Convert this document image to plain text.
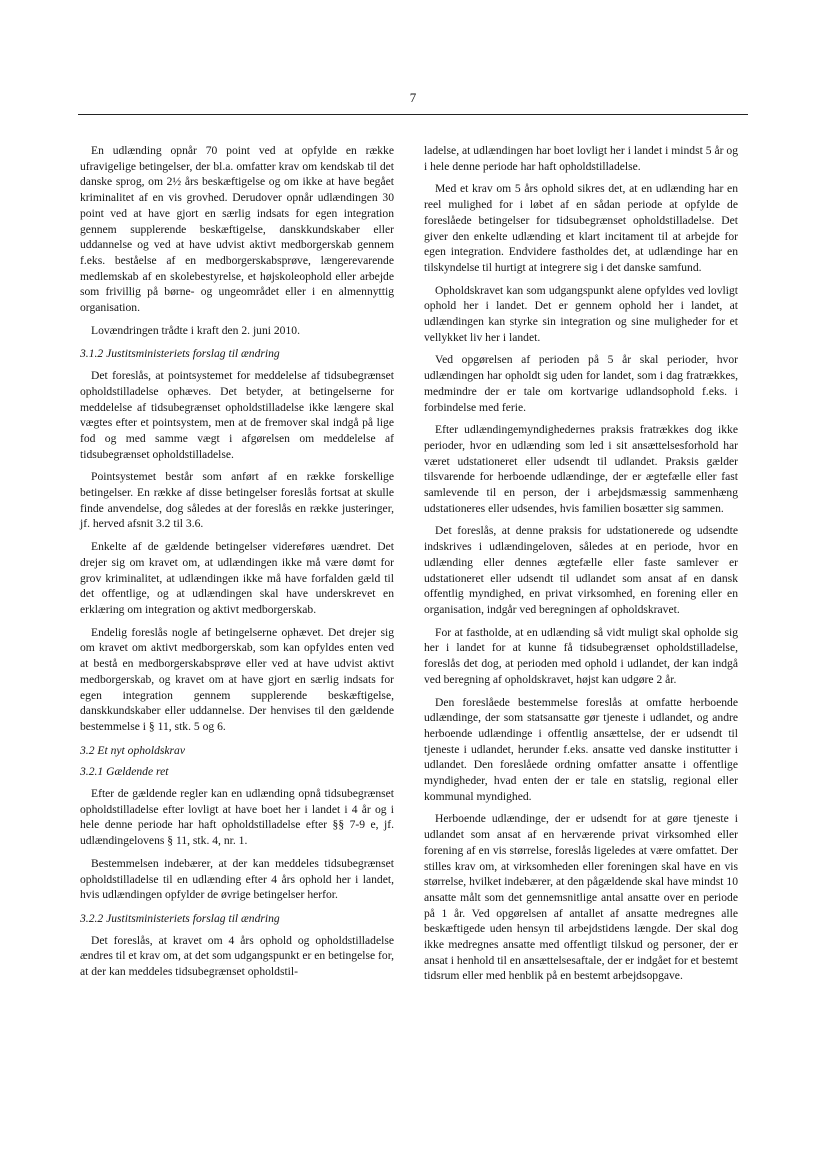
7

En udlænding opnår 70 point ved at opfylde en række ufravigelige betingelser, der bl.a. omfatter krav om kendskab til det danske sprog, om 2½ års beskæftigelse og om ikke at have begået kriminalitet af en vis grovhed. Derudover opnår udlændingen 30 point ved at have gjort en særlig indsats for egen integration gennem supplerende beskæftigelse, danskkundskaber eller uddannelse og ved at have udvist aktivt medborgerskab gennem f.eks. beståelse af en medborgerskabsprøve, længerevarende medlemskab af en skolebestyrelse, et højskoleophold eller arbejde som frivillig på børne- og ungeområdet eller i en almennyttig organisation.

Lovændringen trådte i kraft den 2. juni 2010.

3.1.2 Justitsministeriets forslag til ændring

Det foreslås, at pointsystemet for meddelelse af tidsubegrænset opholdstilladelse ophæves. Det betyder, at betingelserne for meddelelse af tidsubegrænset opholdstilladelse ikke længere skal vægtes efter et pointsystem, men at de fremover skal indgå på lige fod og med samme vægt i afgørelsen om meddelelse af tidsubegrænset opholdstilladelse.

Pointsystemet består som anført af en række forskellige betingelser. En række af disse betingelser foreslås fortsat at skulle finde anvendelse, dog således at der foreslås en række justeringer, jf. herved afsnit 3.2 til 3.6.

Enkelte af de gældende betingelser videreføres uændret. Det drejer sig om kravet om, at udlændingen ikke må være dømt for grov kriminalitet, at udlændingen ikke må have forfalden gæld til det offentlige, og at udlændingen skal have underskrevet en erklæring om integration og aktivt medborgerskab.

Endelig foreslås nogle af betingelserne ophævet. Det drejer sig om kravet om aktivt medborgerskab, som kan opfyldes enten ved at bestå en medborgerskabsprøve eller ved at have udvist aktivt medborgerskab, og kravet om at have gjort en særlig indsats for egen integration gennem supplerende beskæftigelse, danskkundskaber eller uddannelse. Der henvises til den gældende bestemmelse i § 11, stk. 5 og 6.

3.2 Et nyt opholdskrav
3.2.1 Gældende ret

Efter de gældende regler kan en udlænding opnå tidsubegrænset opholdstilladelse efter lovligt at have boet her i landet i 4 år og i hele denne periode har haft opholdstilladelse efter §§ 7-9 e, jf. udlændingelovens § 11, stk. 4, nr. 1.

Bestemmelsen indebærer, at der kan meddeles tidsubegrænset opholdstilladelse til en udlænding efter 4 års ophold her i landet, hvis udlændingen opfylder de øvrige betingelser herfor.

3.2.2 Justitsministeriets forslag til ændring

Det foreslås, at kravet om 4 års ophold og opholdstilladelse ændres til et krav om, at det som udgangspunkt er en betingelse for, at der kan meddeles tidsubegrænset opholdstil-

ladelse, at udlændingen har boet lovligt her i landet i mindst 5 år og i hele denne periode har haft opholdstilladelse.

Med et krav om 5 års ophold sikres det, at en udlænding har en reel mulighed for i løbet af en sådan periode at opfylde de foreslåede betingelser for tidsubegrænset opholdstilladelse. Det giver den enkelte udlænding et klart incitament til at arbejde for egen integration. Endvidere fastholdes det, at udlændinge har en tilskyndelse til hurtigt at integrere sig i det danske samfund.

Opholdskravet kan som udgangspunkt alene opfyldes ved lovligt ophold her i landet. Det er gennem ophold her i landet, at udlændingen kan styrke sin integration og sine muligheder for et vellykket liv her i landet.

Ved opgørelsen af perioden på 5 år skal perioder, hvor udlændingen har opholdt sig uden for landet, som i dag fratrækkes, medmindre der er tale om kortvarige udlandsophold f.eks. i forbindelse med ferie.

Efter udlændingemyndighedernes praksis fratrækkes dog ikke perioder, hvor en udlænding som led i sit ansættelsesforhold har været udstationeret eller udsendt til udlandet. Praksis gælder tilsvarende for herboende udlændinge, der er ægtefælle eller fast samlevende til en person, der i arbejdsmæssig sammenhæng udstationeres eller udsendes, hvis familien bosætter sig sammen.

Det foreslås, at denne praksis for udstationerede og udsendte indskrives i udlændingeloven, således at en periode, hvor en udlænding eller dennes ægtefælle eller faste samlever er udstationeret eller udsendt til udlandet som ansat af en dansk offentlig myndighed, en privat virksomhed, en forening eller en organisation, indgår ved beregningen af opholdskravet.

For at fastholde, at en udlænding så vidt muligt skal opholde sig her i landet for at kunne få tidsubegrænset opholdstilladelse, foreslås det dog, at perioden med ophold i udlandet, der kan indgå ved beregning af opholdskravet, højst kan udgøre 2 år.

Den foreslåede bestemmelse foreslås at omfatte herboende udlændinge, der som statsansatte gør tjeneste i udlandet, og andre herboende udlændinge i offentlig ansættelse, der er udsendt til tjeneste i udlandet, herunder f.eks. ansatte ved danske institutter i udlandet. Den foreslåede ordning omfatter ansatte i offentlige myndigheder, hvad enten der er tale en statslig, regional eller kommunal myndighed.

Herboende udlændinge, der er udsendt for at gøre tjeneste i udlandet som ansat af en herværende privat virksomhed eller forening af en vis størrelse, foreslås ligeledes at være omfattet. Der stilles krav om, at virksomheden eller foreningen skal have en vis størrelse, hvilket indebærer, at den pågældende skal have mindst 10 ansatte målt som det gennemsnitlige antal ansatte over en periode på 1 år. Ved opgørelsen af antallet af ansatte medregnes alle beskæftigede uden hensyn til arbejdstidens længde. Der skal dog ikke medregnes ansatte med offentligt tilskud og personer, der er ansat i henhold til en ansættelsesaftale, der er indgået for et bestemt tidsrum eller med henblik på en bestemt arbejdsopgave.
